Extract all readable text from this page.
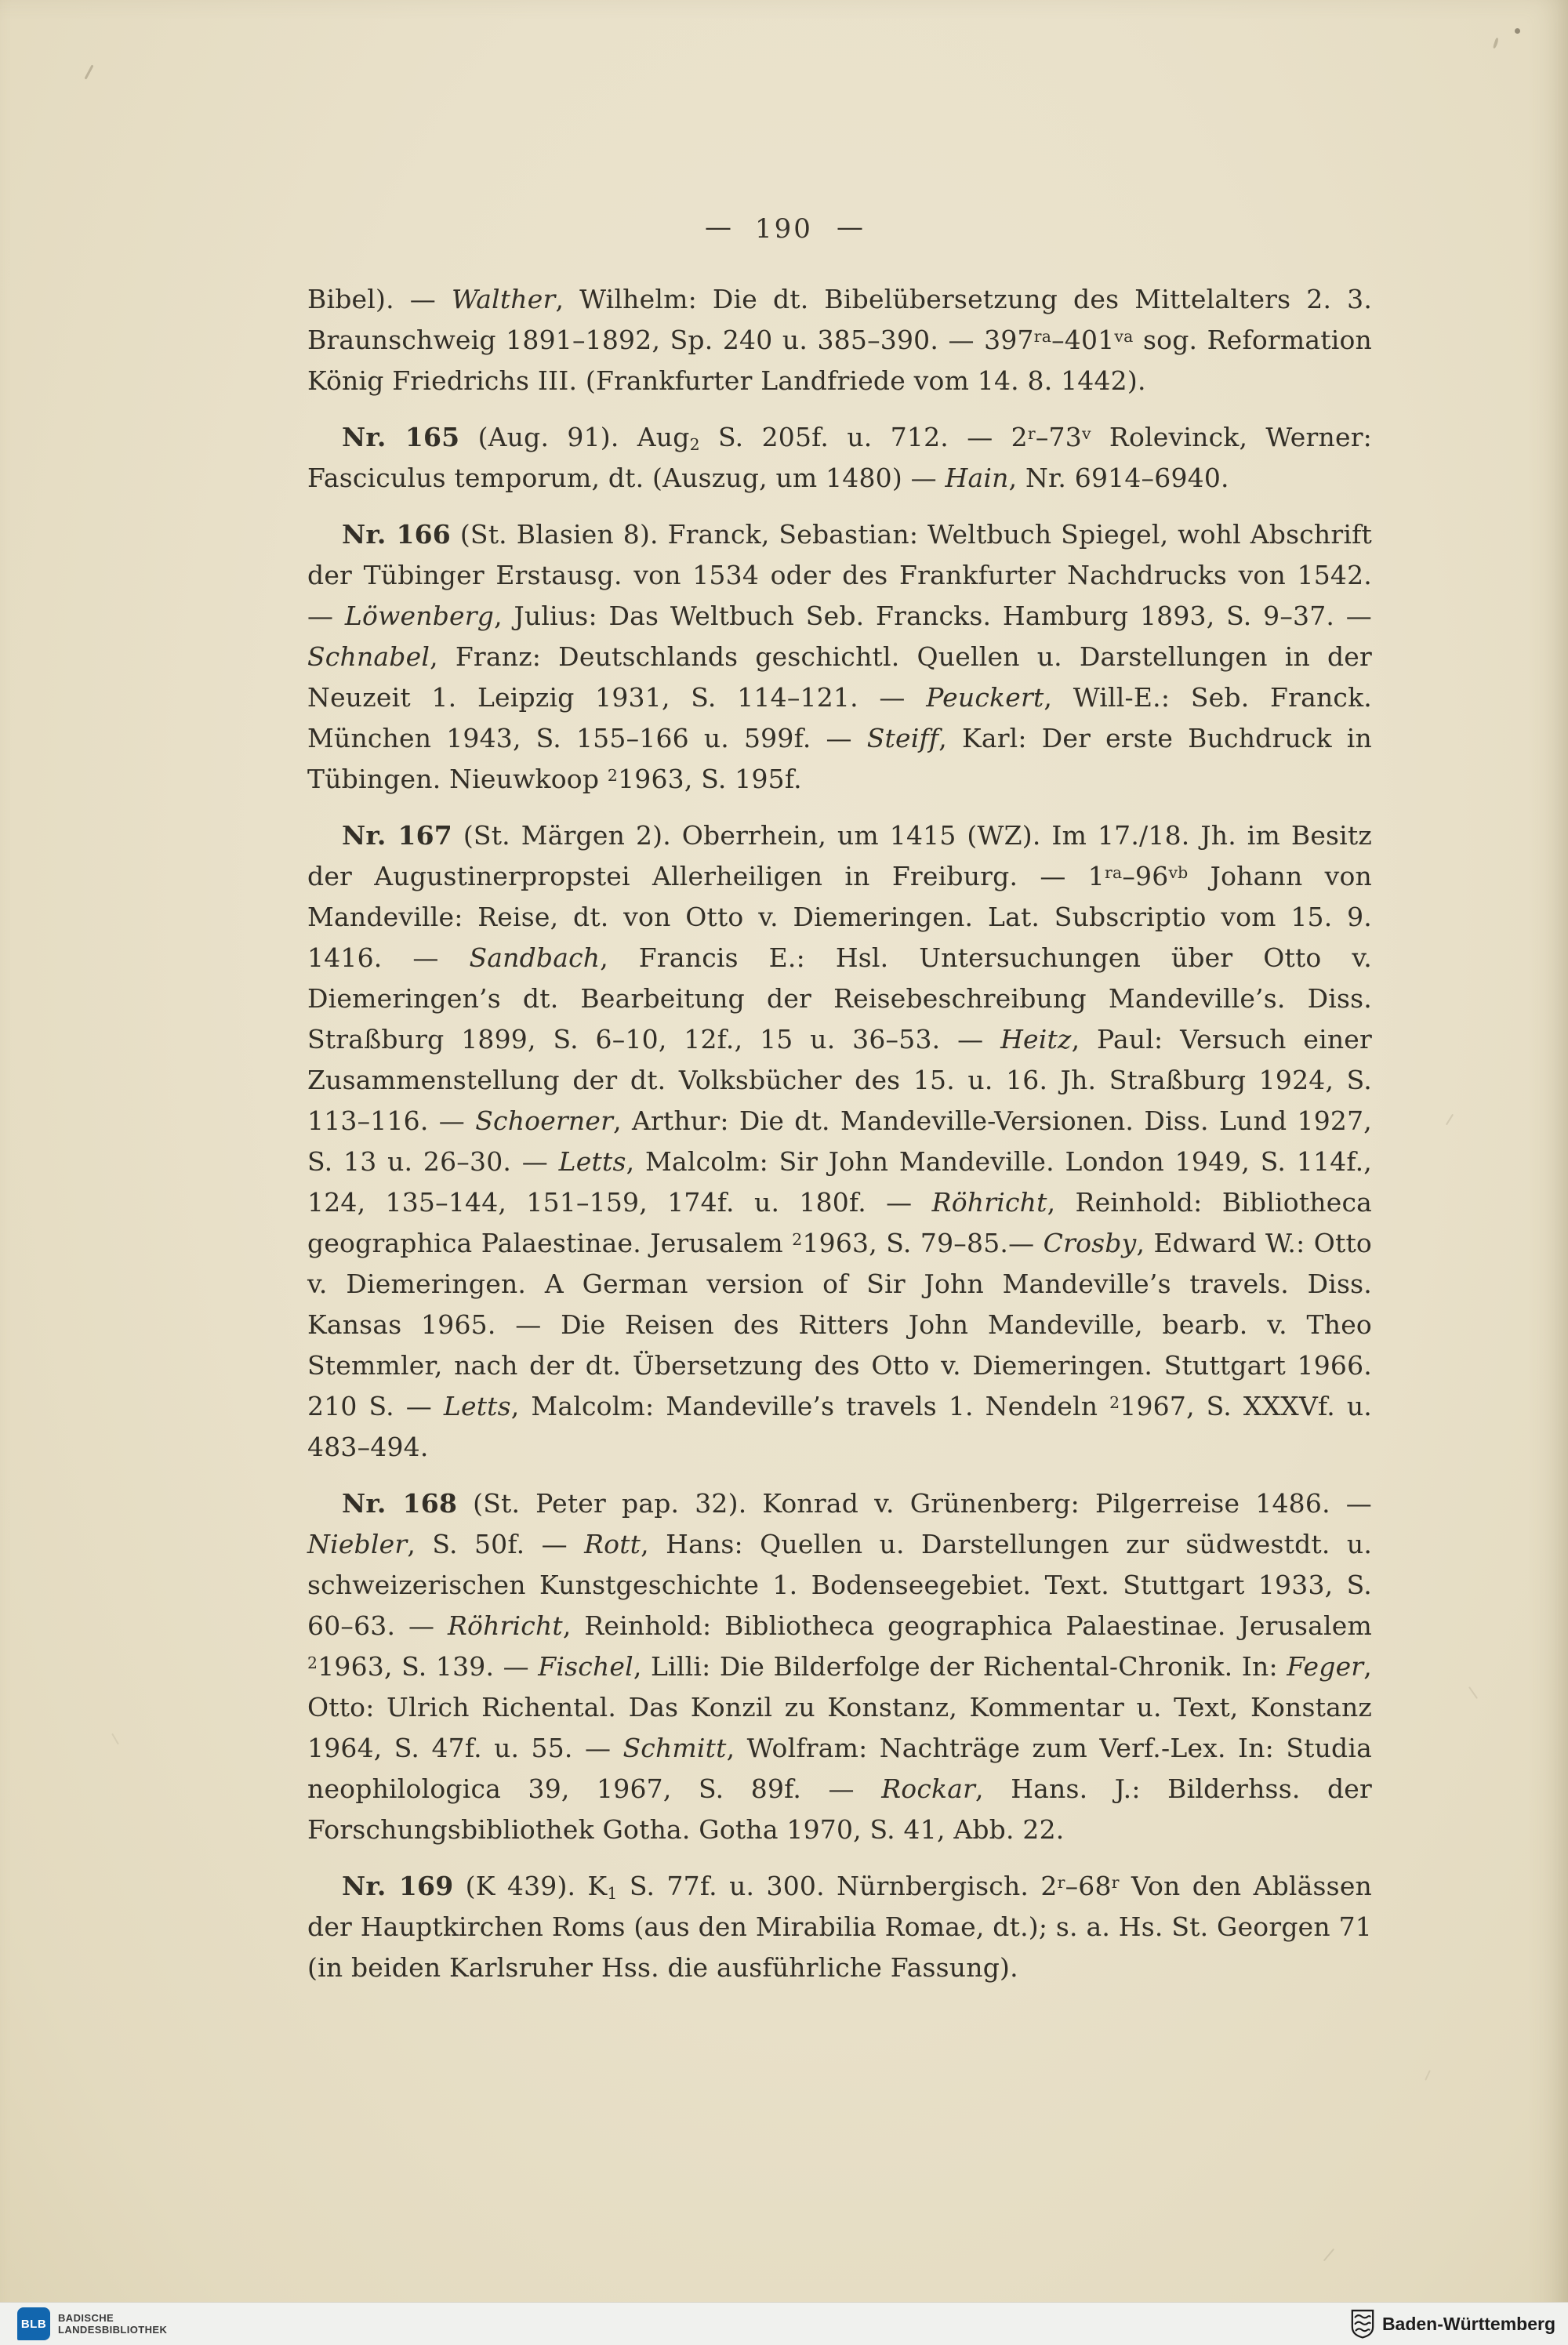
— 190 —

Bibel). — Walther, Wilhelm: Die dt. Bibelübersetzung des Mittelalters 2. 3. Braunschweig 1891–1892, Sp. 240 u. 385–390. — $397^{ra}-401^{va}$ sog. Reformation König Friedrichs III. (Frankfurter Landfriede vom 14. 8. 1442).

Nr. 165 (Aug. 91). Aug$_2$ S. 205f. u. 712. — 2$^r$–73$^v$ Rolevinck, Werner: Fasciculus temporum, dt. (Auszug, um 1480) — Hain, Nr. 6914–6940.

Nr. 166 (St. Blasien 8). Franck, Sebastian: Weltbuch Spiegel, wohl Abschrift der Tübinger Erstausg. von 1534 oder des Frankfurter Nachdrucks von 1542. — Löwenberg, Julius: Das Weltbuch Seb. Francks. Hamburg 1893, S. 9–37. — Schnabel, Franz: Deutschlands geschichtl. Quellen u. Darstellungen in der Neuzeit 1. Leipzig 1931, S. 114–121. — Peuckert, Will-E.: Seb. Franck. München 1943, S. 155–166 u. 599f. — Steiff, Karl: Der erste Buchdruck in Tübingen. Nieuwkoop $^2$1963, S. 195f.

Nr. 167 (St. Märgen 2). Oberrhein, um 1415 (WZ). Im 17./18. Jh. im Besitz der Augustinerpropstei Allerheiligen in Freiburg. — $1^{ra}-96^{vb}$ Johann von Mandeville: Reise, dt. von Otto v. Diemeringen. Lat. Subscriptio vom 15. 9. 1416. — Sandbach, Francis E.: Hsl. Untersuchungen über Otto v. Diemeringen’s dt. Bearbeitung der Reisebeschreibung Mandeville’s. Diss. Straßburg 1899, S. 6–10, 12f., 15 u. 36–53. — Heitz, Paul: Versuch einer Zusammenstellung der dt. Volksbücher des 15. u. 16. Jh. Straßburg 1924, S. 113–116. — Schoerner, Arthur: Die dt. Mandeville-Versionen. Diss. Lund 1927, S. 13 u. 26–30. — Letts, Malcolm: Sir John Mandeville. London 1949, S. 114f., 124, 135–144, 151–159, 174f. u. 180f. — Röhricht, Reinhold: Bibliotheca geographica Palaestinae. Jerusalem $^2$1963, S. 79–85.— Crosby, Edward W.: Otto v. Diemeringen. A German version of Sir John Mandeville’s travels. Diss. Kansas 1965. — Die Reisen des Ritters John Mandeville, bearb. v. Theo Stemmler, nach der dt. Übersetzung des Otto v. Diemeringen. Stuttgart 1966. 210 S. — Letts, Malcolm: Mandeville’s travels 1. Nendeln $^2$1967, S. XXXVf. u. 483–494.

Nr. 168 (St. Peter pap. 32). Konrad v. Grünenberg: Pilgerreise 1486. — Niebler, S. 50f. — Rott, Hans: Quellen u. Darstellungen zur südwestdt. u. schweizerischen Kunstgeschichte 1. Bodenseegebiet. Text. Stuttgart 1933, S. 60–63. — Röhricht, Reinhold: Bibliotheca geographica Palaestinae. Jerusalem $^2$1963, S. 139. — Fischel, Lilli: Die Bilderfolge der Richental-Chronik. In: Feger, Otto: Ulrich Richental. Das Konzil zu Konstanz, Kommentar u. Text, Konstanz 1964, S. 47f. u. 55. — Schmitt, Wolfram: Nachträge zum Verf.-Lex. In: Studia neophilologica 39, 1967, S. 89f. — Rockar, Hans. J.: Bilderhss. der Forschungsbibliothek Gotha. Gotha 1970, S. 41, Abb. 22.

Nr. 169 (K 439). $K_1$ S. 77f. u. 300. Nürnbergisch. 2$^r$–68$^r$ Von den Ablässen der Hauptkirchen Roms (aus den Mirabilia Romae, dt.); s. a. Hs. St. Georgen 71 (in beiden Karlsruher Hss. die ausführliche Fassung).

BLB BADISCHE
LANDESBIBLIOTHEK	Baden-Württemberg
